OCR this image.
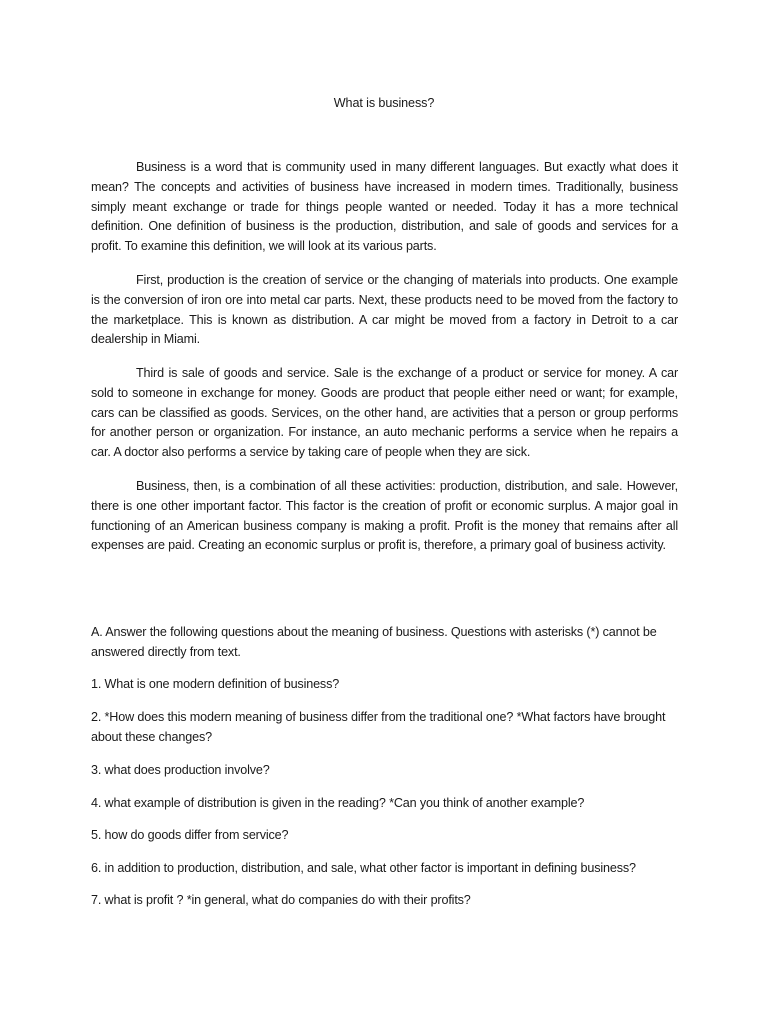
What is business?

Business is a word that is community used in many different languages. But exactly what does it mean? The concepts and activities of business have increased in modern times. Traditionally, business simply meant exchange or trade for things people wanted or needed. Today it has a more technical definition. One definition of business is the production, distribution, and sale of goods and services for a profit. To examine this definition, we will look at its various parts.

First, production is the creation of service or the changing of materials into products. One example is the conversion of iron ore into metal car parts. Next, these products need to be moved from the factory to the marketplace. This is known as distribution. A car might be moved from a factory in Detroit to a car dealership in Miami.

Third is sale of goods and service. Sale is the exchange of a product or service for money. A car sold to someone in exchange for money. Goods are product that people either need or want; for example, cars can be classified as goods. Services, on the other hand, are activities that a person or group performs for another person or organization. For instance, an auto mechanic performs a service when he repairs a car. A doctor also performs a service by taking care of people when they are sick.

Business, then, is a combination of all these activities: production, distribution, and sale. However, there is one other important factor. This factor is the creation of profit or economic surplus. A major goal in functioning of an American business company is making a profit. Profit is the money that remains after all expenses are paid. Creating an economic surplus or profit is, therefore, a primary goal of business activity.

A. Answer the following questions about the meaning of business. Questions with asterisks (*) cannot be answered directly from text.

1. What is one modern definition of business?

2. *How does this modern meaning of business differ from the traditional one? *What factors have brought about these changes?

3. what does production involve?

4. what example of distribution is given in the reading? *Can you think of another example?

5. how do goods differ from service?

6. in addition to production, distribution, and sale, what other factor is important in defining business?

7. what is profit ? *in general, what do companies do with their profits?
